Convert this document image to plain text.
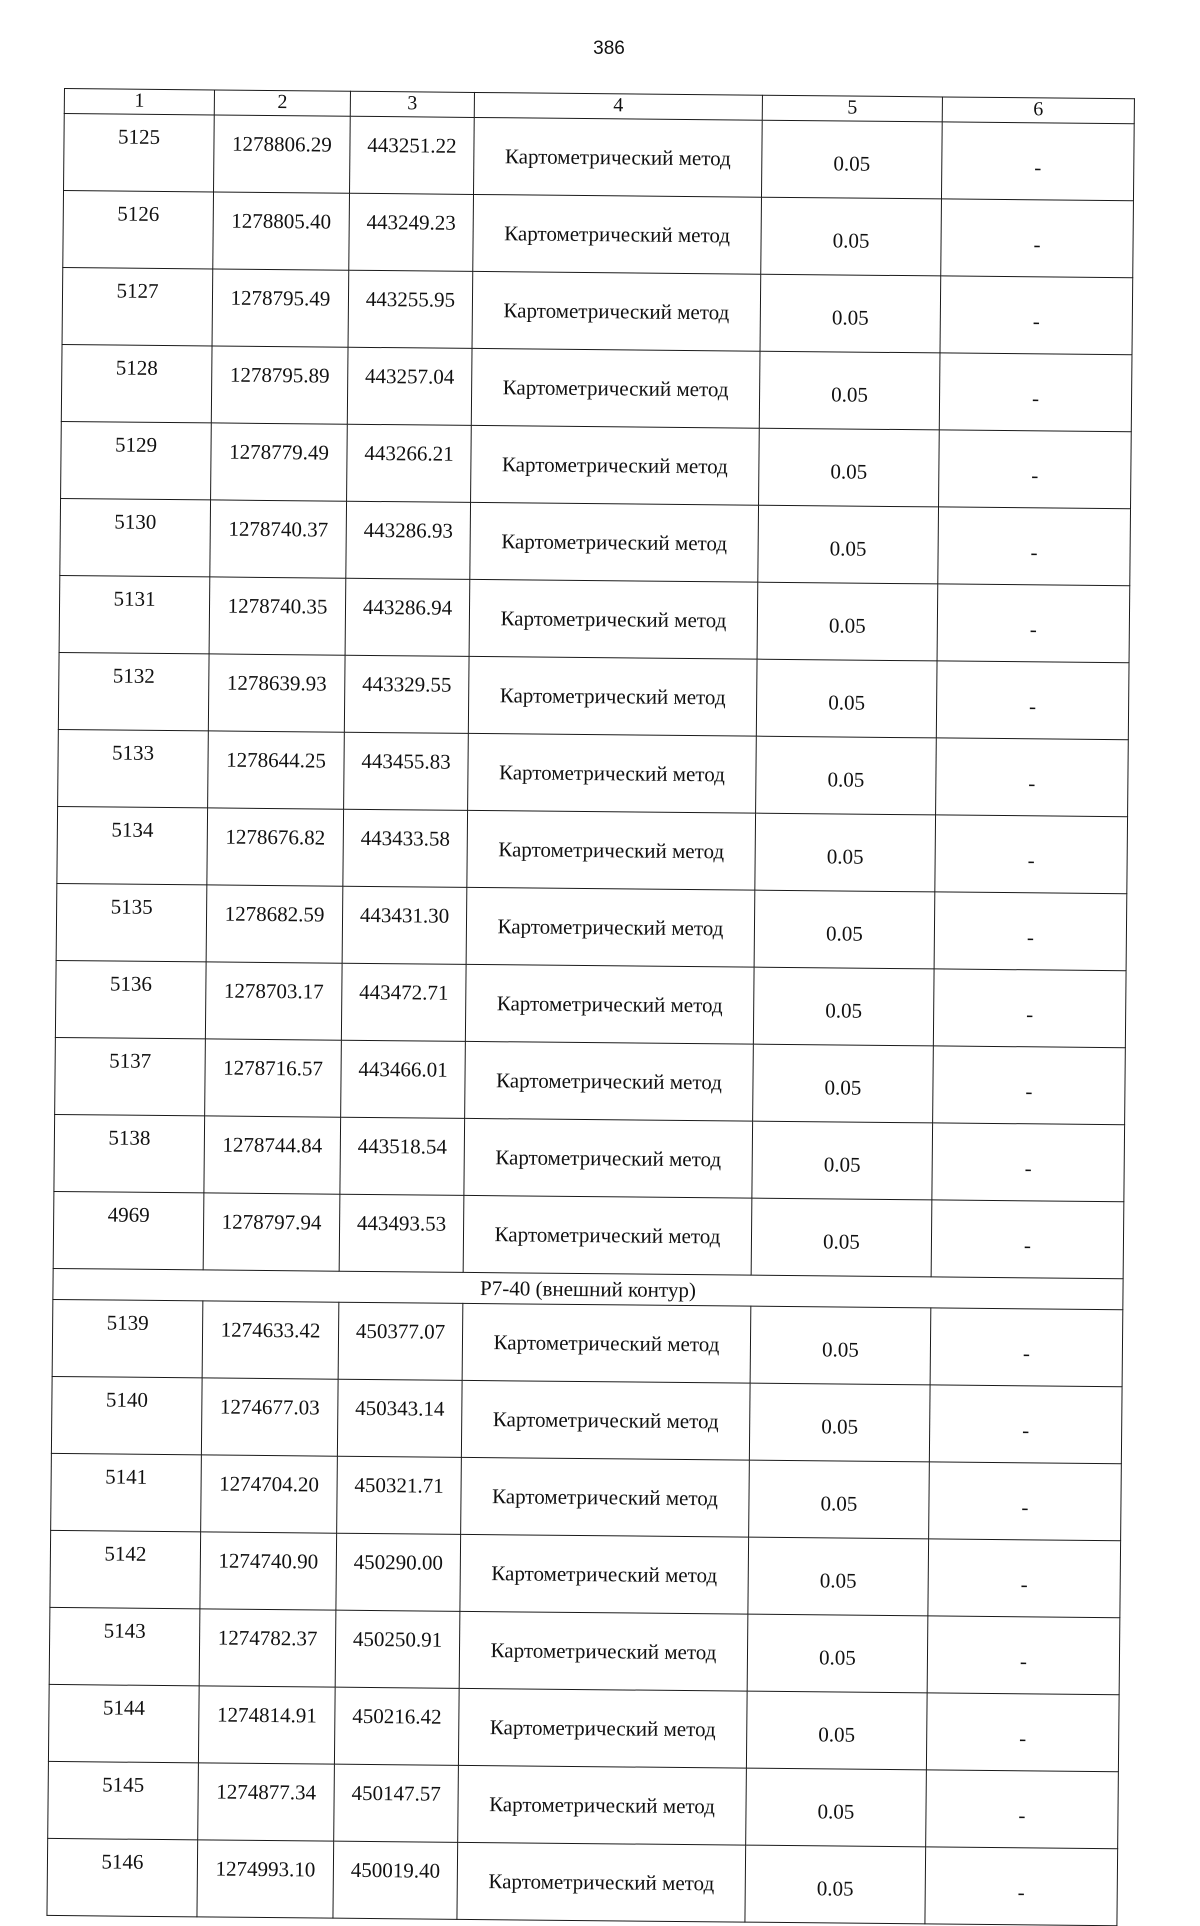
386
1	2	3	4	5	6
5125	1278806.29	443251.22	Картометрический метод	0.05	-
5126	1278805.40	443249.23	Картометрический метод	0.05	-
5127	1278795.49	443255.95	Картометрический метод	0.05	-
5128	1278795.89	443257.04	Картометрический метод	0.05	-
5129	1278779.49	443266.21	Картометрический метод	0.05	-
5130	1278740.37	443286.93	Картометрический метод	0.05	-
5131	1278740.35	443286.94	Картометрический метод	0.05	-
5132	1278639.93	443329.55	Картометрический метод	0.05	-
5133	1278644.25	443455.83	Картометрический метод	0.05	-
5134	1278676.82	443433.58	Картометрический метод	0.05	-
5135	1278682.59	443431.30	Картометрический метод	0.05	-
5136	1278703.17	443472.71	Картометрический метод	0.05	-
5137	1278716.57	443466.01	Картометрический метод	0.05	-
5138	1278744.84	443518.54	Картометрический метод	0.05	-
4969	1278797.94	443493.53	Картометрический метод	0.05	-
Р7-40 (внешний контур)					
5139	1274633.42	450377.07	Картометрический метод	0.05	-
5140	1274677.03	450343.14	Картометрический метод	0.05	-
5141	1274704.20	450321.71	Картометрический метод	0.05	-
5142	1274740.90	450290.00	Картометрический метод	0.05	-
5143	1274782.37	450250.91	Картометрический метод	0.05	-
5144	1274814.91	450216.42	Картометрический метод	0.05	-
5145	1274877.34	450147.57	Картометрический метод	0.05	-
5146	1274993.10	450019.40	Картометрический метод	0.05	-
